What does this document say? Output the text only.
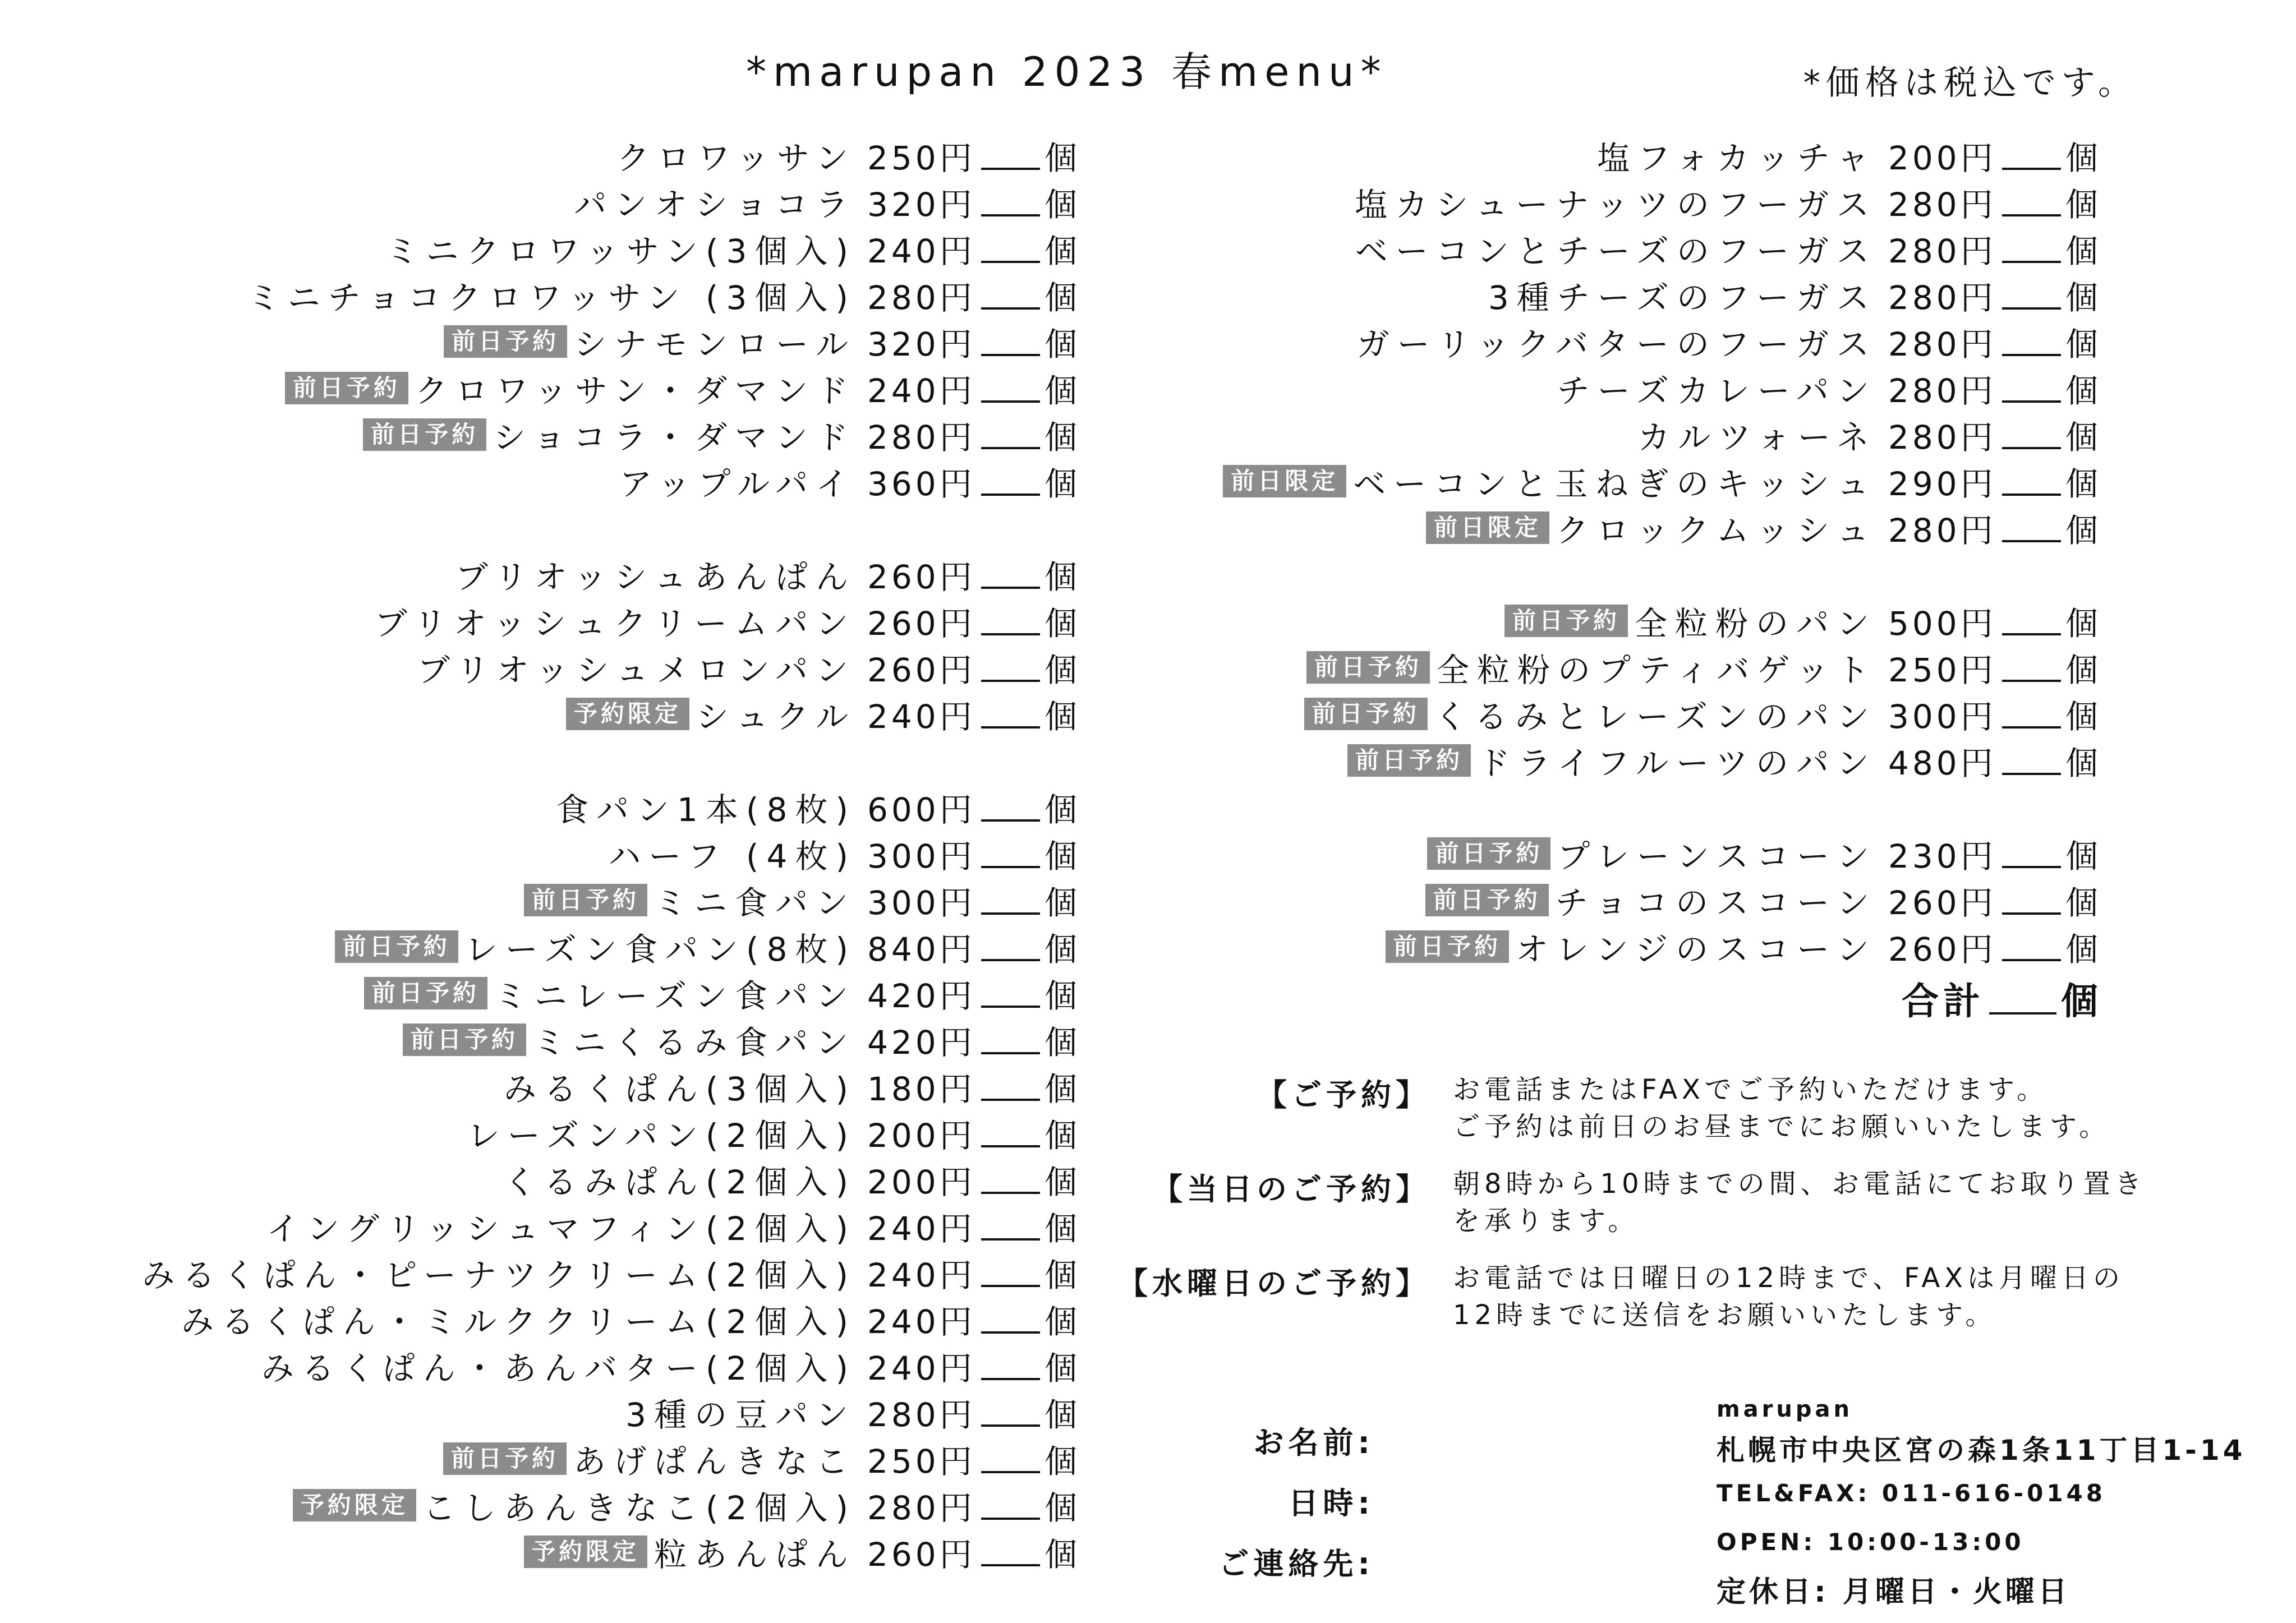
*marupan 2023 春menu*	*価格は税込です。
クロワッサン 250円 個
パンオショコラ 320円 個
ミニクロワッサン(3個入) 240円 個
ミニチョコクロワッサン (3個入) 280円 個
前日予約 シナモンロール 320円 個
前日予約 クロワッサン・ダマンド 240円 個
前日予約 ショコラ・ダマンド 280円 個
アップルパイ 360円 個
ブリオッシュあんぱん 260円 個
ブリオッシュクリームパン 260円 個
ブリオッシュメロンパン 260円 個
予約限定 シュクル 240円 個
食パン1本(8枚) 600円 個
ハーフ (4枚) 300円 個
前日予約 ミニ食パン 300円 個
前日予約 レーズン食パン(8枚) 840円 個
前日予約 ミニレーズン食パン 420円 個
前日予約 ミニくるみ食パン 420円 個
みるくぱん(3個入) 180円 個
レーズンパン(2個入) 200円 個
くるみぱん(2個入) 200円 個
イングリッシュマフィン(2個入) 240円 個
みるくぱん・ピーナツクリーム(2個入) 240円 個
みるくぱん・ミルククリーム(2個入) 240円 個
みるくぱん・あんバター(2個入) 240円 個
3種の豆パン 280円 個
前日予約 あげぱんきなこ 250円 個
予約限定 こしあんきなこ(2個入) 280円 個
予約限定 粒あんぱん 260円 個
塩フォカッチャ 200円 個
塩カシューナッツのフーガス 280円 個
ベーコンとチーズのフーガス 280円 個
3種チーズのフーガス 280円 個
ガーリックバターのフーガス 280円 個
チーズカレーパン 280円 個
カルツォーネ 280円 個
前日限定 ベーコンと玉ねぎのキッシュ 290円 個
前日限定 クロックムッシュ 280円 個
前日予約 全粒粉のパン 500円 個
前日予約 全粒粉のプティバゲット 250円 個
前日予約 くるみとレーズンのパン 300円 個
前日予約 ドライフルーツのパン 480円 個
前日予約 プレーンスコーン 230円 個
前日予約 チョコのスコーン 260円 個
前日予約 オレンジのスコーン 260円 個
合計 個
【ご予約】 お電話またはFAXでご予約いただけます。
ご予約は前日のお昼までにお願いいたします。
【当日のご予約】 朝8時から10時までの間、お電話にてお取り置き
を承ります。
【水曜日のご予約】 お電話では日曜日の12時まで、FAXは月曜日の
12時までに送信をお願いいたします。
お名前:
日時:
ご連絡先:
marupan
札幌市中央区宮の森1条11丁目1-14
TEL&FAX: 011-616-0148
OPEN: 10:00-13:00
定休日: 月曜日・火曜日
